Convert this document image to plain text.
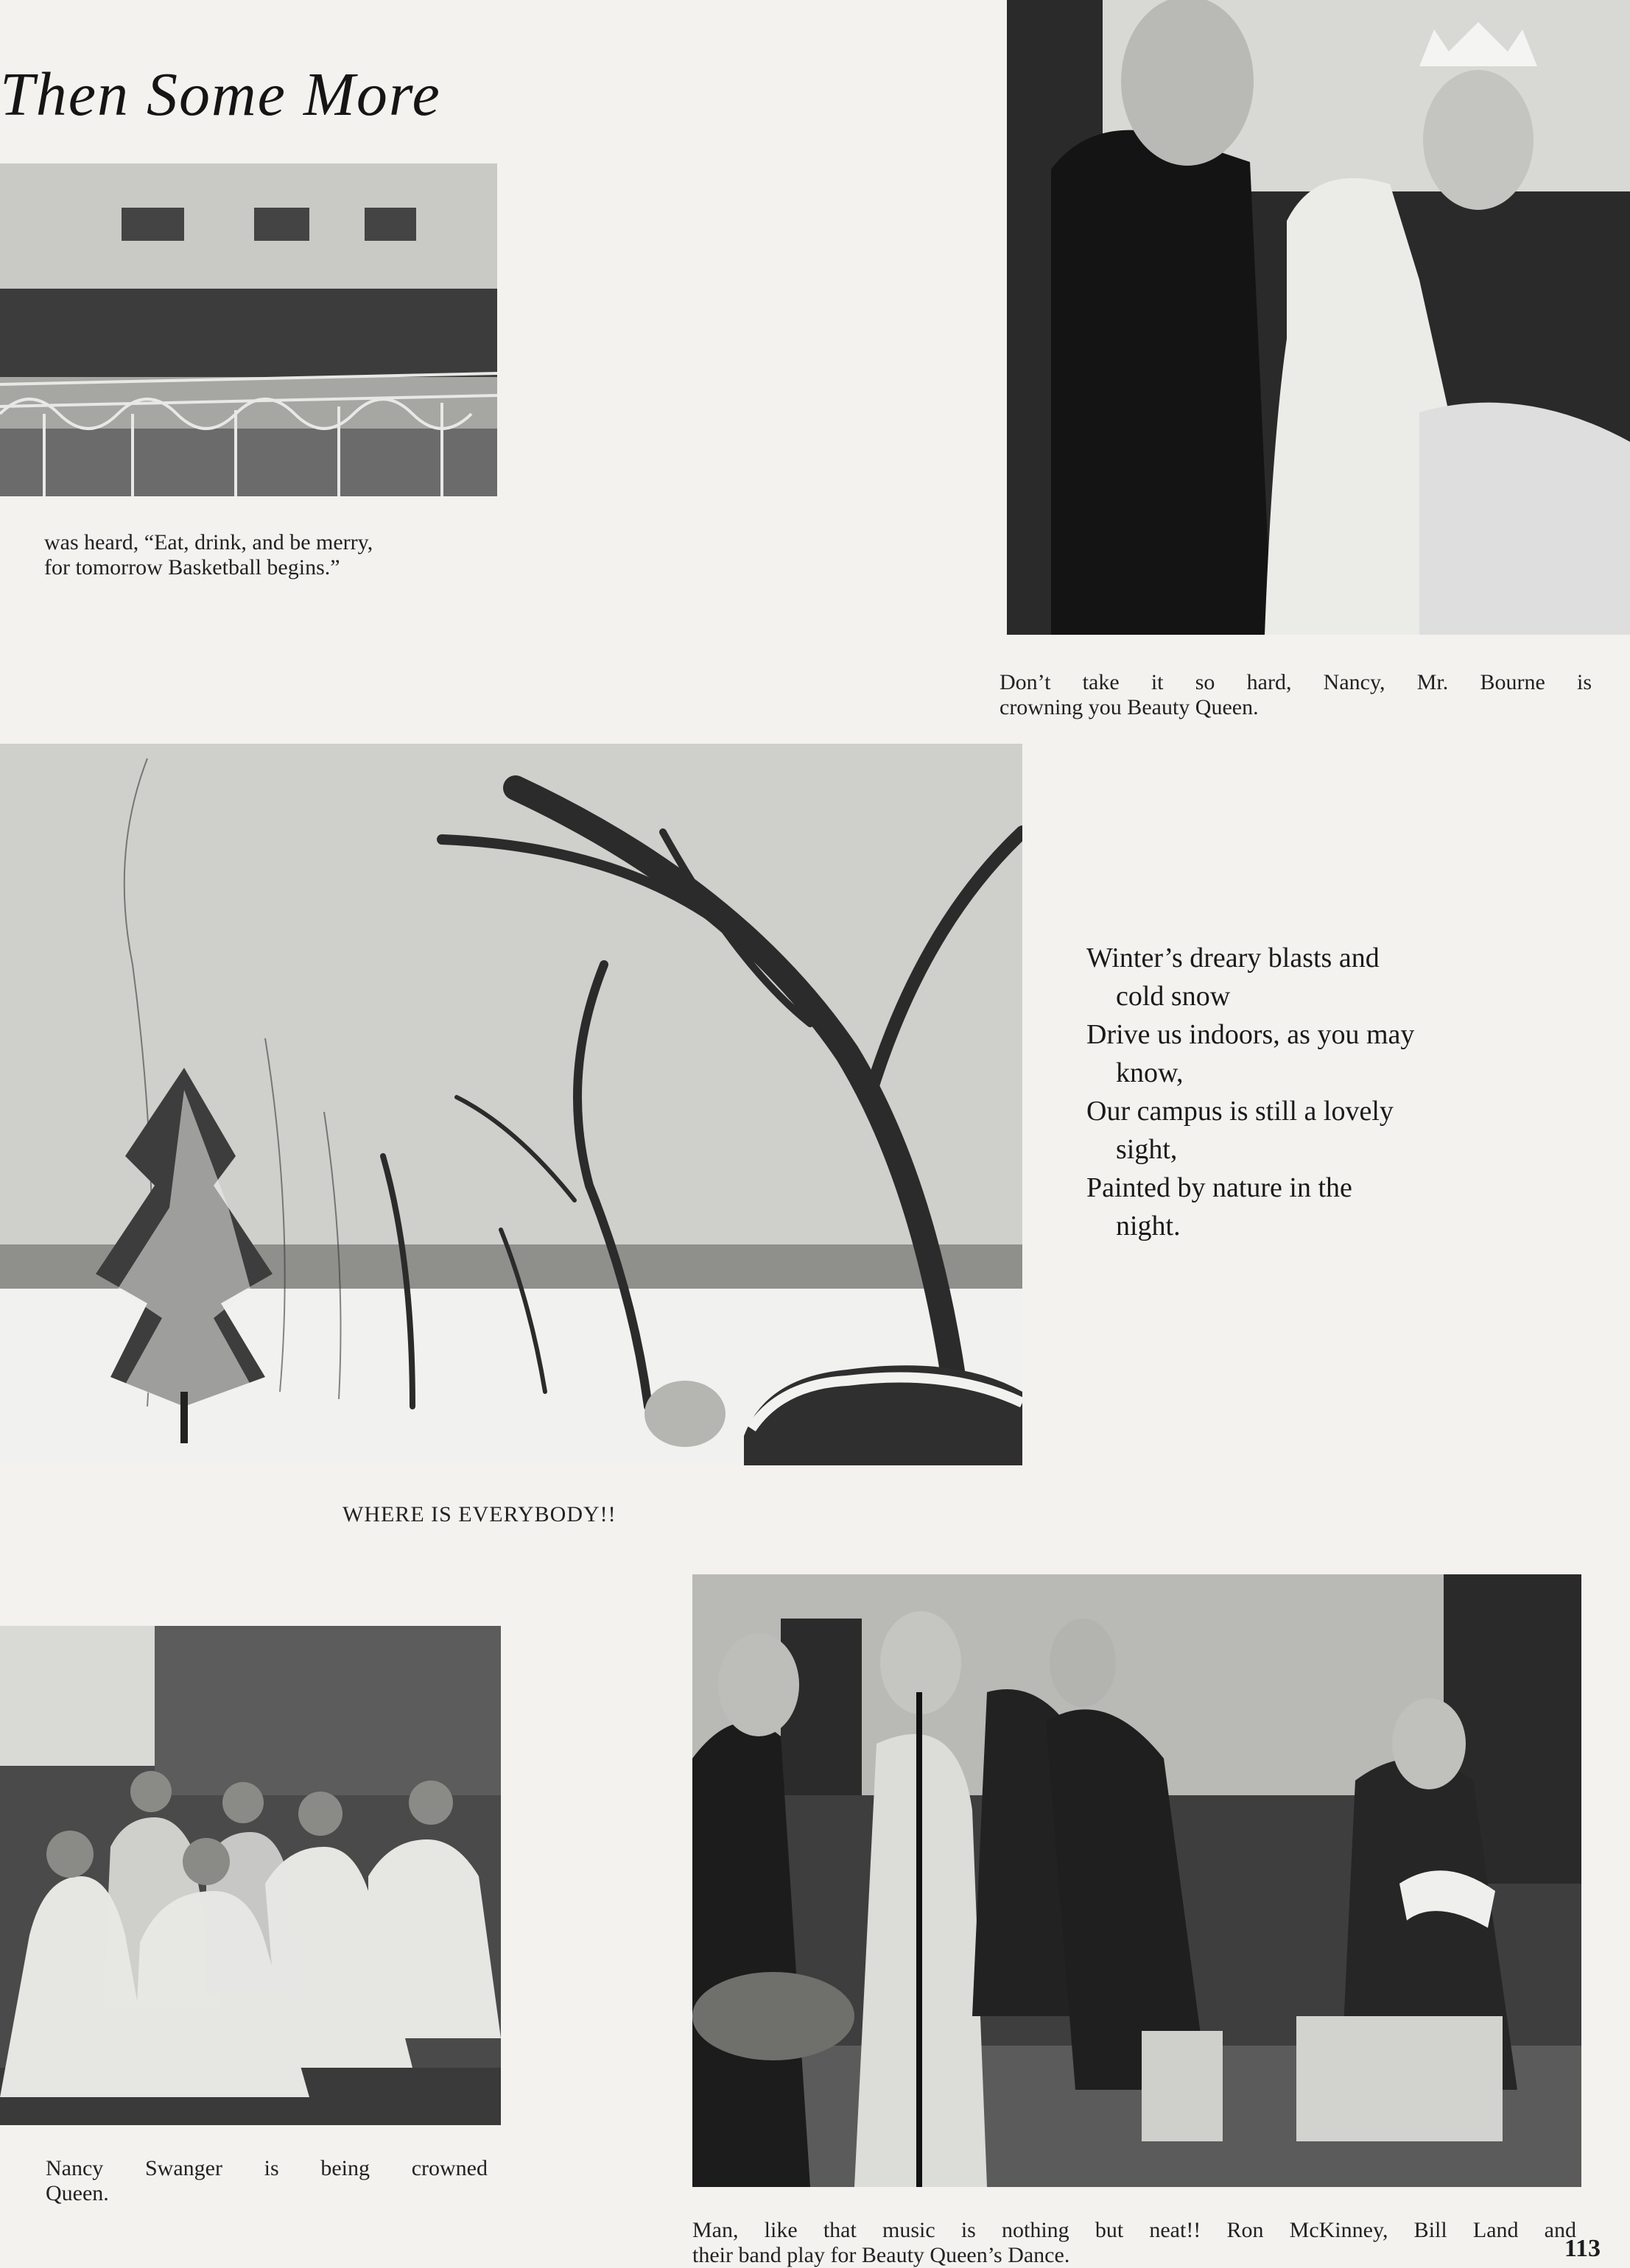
Then Some More
was heard, “Eat, drink, and be merry,
for tomorrow Basketball begins.”
Don’t take it so hard, Nancy, Mr. Bourne is
crowning you Beauty Queen.
WHERE IS EVERYBODY!!
Winter’s dreary blasts and
cold snow
Drive us indoors, as you may
know,
Our campus is still a lovely
sight,
Painted by nature in the
night.
Nancy Swanger is being crowned
Queen.
Man, like that music is nothing but neat!! Ron McKinney, Bill Land and
their band play for Beauty Queen’s Dance.	113
